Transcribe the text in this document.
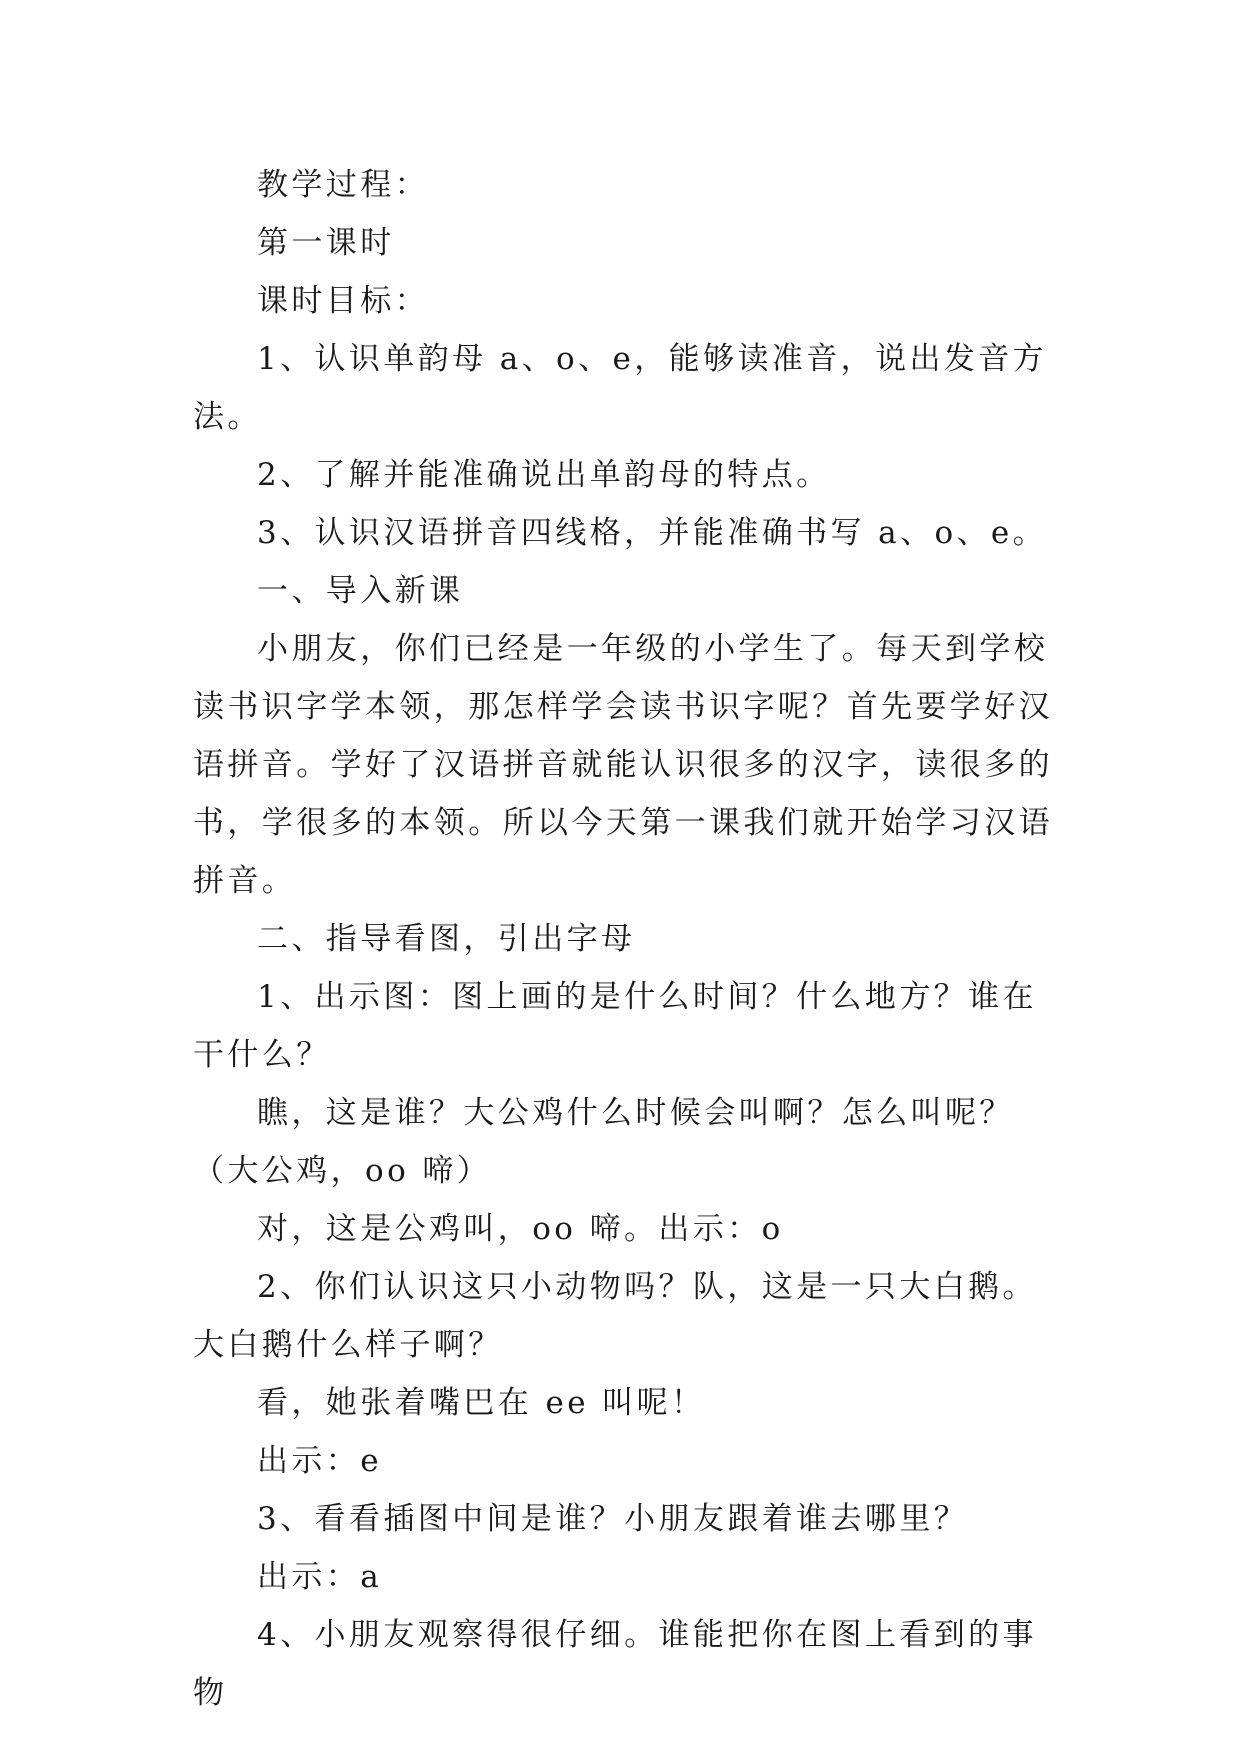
教学过程：

第一课时

课时目标：

1、认识单韵母 a、o、e，能够读准音，说出发音方法。

2、了解并能准确说出单韵母的特点。

3、认识汉语拼音四线格，并能准确书写 a、o、e。

一、导入新课

小朋友，你们已经是一年级的小学生了。每天到学校读书识字学本领，那怎样学会读书识字呢？首先要学好汉语拼音。学好了汉语拼音就能认识很多的汉字，读很多的书，学很多的本领。所以今天第一课我们就开始学习汉语拼音。

二、指导看图，引出字母

1、出示图：图上画的是什么时间？什么地方？谁在干什么？

瞧，这是谁？大公鸡什么时候会叫啊？怎么叫呢？（大公鸡，oo 啼）

对，这是公鸡叫，oo 啼。出示：o

2、你们认识这只小动物吗？队，这是一只大白鹅。大白鹅什么样子啊？

看，她张着嘴巴在 ee 叫呢！

出示：e

3、看看插图中间是谁？小朋友跟着谁去哪里？

出示：a

4、小朋友观察得很仔细。谁能把你在图上看到的事物
